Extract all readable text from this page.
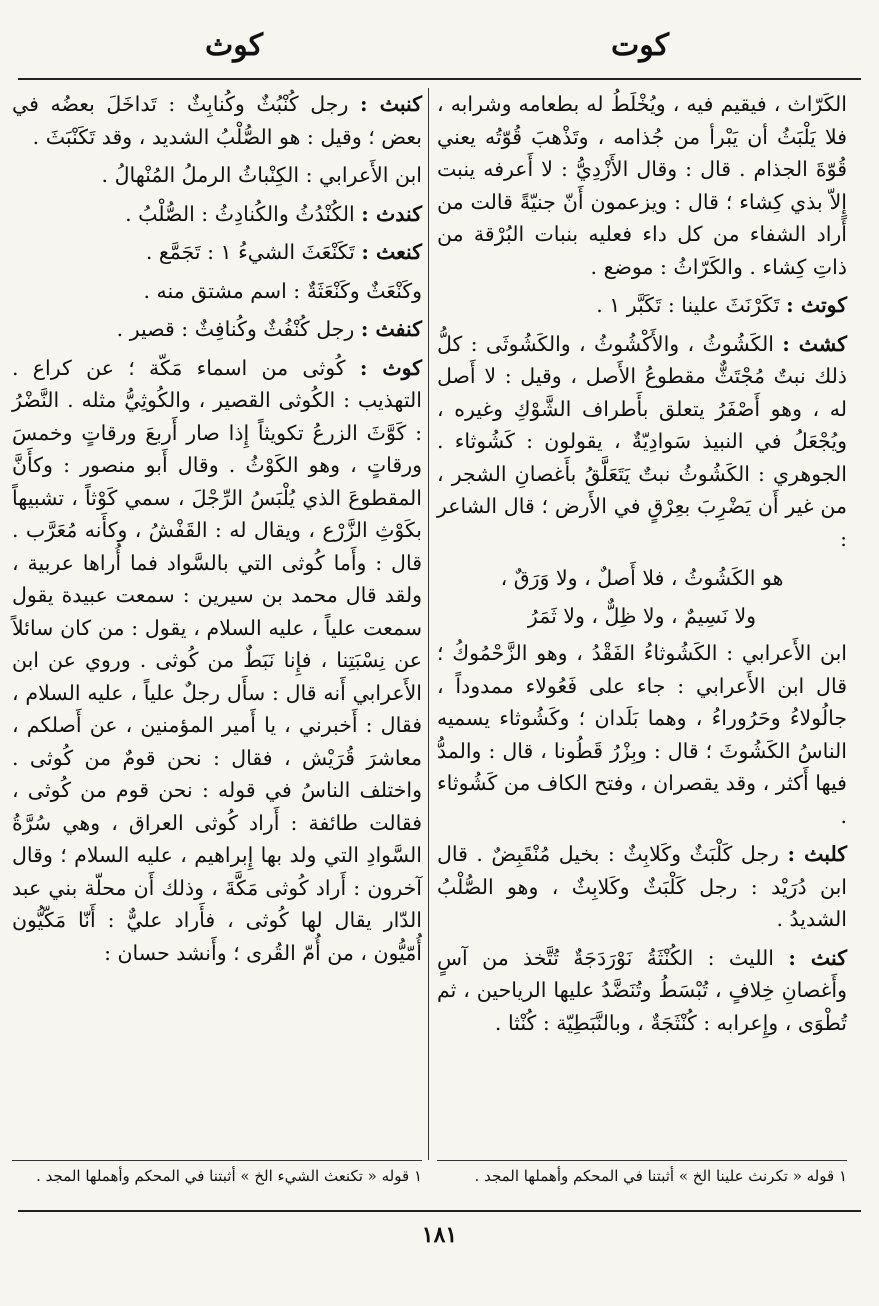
كوت
كوث
الكَرّاث ، فيقيم فيه ، ويُخْلَطُ له بطعامه وشرابه ، فلا يَلْبَثُ أن يَبْرأ من جُذامه ، وتَذْهبَ قُوّتُه يعني قُوّةَ الجذام . قال : وقال الأَزْدِيُّ : لا أَعرفه ينبت إِلاّ بذي كِشاء ؛ قال : ويزعمون أَنّ جنيّةً قالت من أَراد الشفاء من كل داء فعليه بنبات البُرْقة من ذاتِ كِشاء . والكَرّاثُ : موضع .
كوتث : تَكَرْنَثَ علينا : تَكَبَّر ١ .
كشث : الكَشُوثُ ، والأَكْشُوثُ ، والكَشُوثَى : كلُّ ذلك نبتٌ مُجْتَثٌّ مقطوعُ الأَصل ، وقيل : لا أَصل له ، وهو أَصْفَرُ يتعلق بأَطراف الشَّوْكِ وغيره ، ويُجْعَلُ في النبيذ سَوادِيّةٌ ، يقولون : كَشُوثاء . الجوهري : الكَشُوثُ نبتٌ يَتَعَلَّقُ بأَغصانِ الشجر ، من غير أَن يَضْرِبَ بعِرْقٍ في الأَرض ؛ قال الشاعر :
هو الكَشُوثُ ، فلا أَصلٌ ، ولا وَرَقٌ ،
ولا نَسِيمٌ ، ولا ظِلٌّ ، ولا ثَمَرُ
ابن الأَعرابي : الكَشُوثاءُ الفَقْدُ ، وهو الزَّحْمُوكُ ؛ قال ابن الأَعرابي : جاء على فَعُولاء ممدوداً ، جالُولاءُ وحَرُوراءُ ، وهما بَلَدان ؛ وكَشُوثاء يسميه الناسُ الكَشُوثَ ؛ قال : وبِزْرُ قَطُونا ، قال : والمدُّ فيها أَكثر ، وقد يقصران ، وفتح الكاف من كَشُوثاء .
كلبث : رجل كَلْبَثٌ وكَلابِثٌ : بخيل مُنْقَبِضٌ . قال ابن دُرَيْد : رجل كَلْبَثٌ وكَلابِثٌ ، وهو الصُّلْبُ الشديدُ .
كنث : الليث : الكُنْثَةُ نَوْرَدَجَةٌ تُتَّخذ من آسٍ وأَغصانِ خِلافٍ ، تُبْسَطُ وتُنَضَّدُ عليها الرياحين ، ثم تُطْوَى ، وإِعرابه : كُنْثَجَةٌ ، وبالنَّبَطِيّة : كُنْثا .
كنبث : رجل كُنْبُثٌ وكُنابِثٌ : تَداخَلَ بعضُه في بعض ؛ وقيل : هو الصُّلْبُ الشديد ، وقد تَكَنْبَثَ .
ابن الأَعرابي : الكِنْباثُ الرملُ المُنْهالُ .
كندث : الكُنْدُثُ والكُنادِثُ : الصُّلْبُ .
كنعث : تَكَنْعَثَ الشيءُ ١ : تَجَمَّع .
وكَنْعَثٌ وكَنْعَثَةٌ : اسم مشتق منه .
كنفث : رجل كُنْفُثٌ وكُنافِثٌ : قصير .
كوث : كُوثى من اسماء مَكّة ؛ عن كراع . التهذيب : الكُوثى القصير ، والكُوثِيُّ مثله . النَّضْرُ : كَوَّثَ الزرعُ تكويثاً إِذا صار أَربعَ ورقاتٍ وخمسَ ورقاتٍ ، وهو الكَوْثُ . وقال أَبو منصور : وكأَنَّ المقطوعَ الذي يُلْبَسُ الرِّجْلَ ، سمي كَوْثاً ، تشبيهاً بكَوْثِ الزَّرْع ، ويقال له : القَفْشُ ، وكأَنه مُعَرَّب . قال : وأَما كُوثى التي بالسَّواد فما أُراها عربية ، ولقد قال محمد بن سيرين : سمعت عبيدة يقول سمعت علياً ، عليه السلام ، يقول : من كان سائلاً عن نِسْبَتِنا ، فإِنا نَبَطٌ من كُوثى . وروي عن ابن الأَعرابي أَنه قال : سأَل رجلٌ علياً ، عليه السلام ، فقال : أَخبرني ، يا أَمير المؤمنين ، عن أَصلكم ، معاشرَ قُرَيْش ، فقال : نحن قومٌ من كُوثى . واختلف الناسُ في قوله : نحن قوم من كُوثى ، فقالت طائفة : أَراد كُوثى العراق ، وهي سُرَّةُ السَّوادِ التي ولد بها إِبراهيم ، عليه السلام ؛ وقال آخرون : أَراد كُوثى مَكَّةَ ، وذلك أَن محلّة بني عبد الدّار يقال لها كُوثى ، فأَراد عليٌّ : أَنّا مَكّيُّون أُمّيُّون ، من أُمّ القُرى ؛ وأَنشد حسان :
١ قوله « تكرنث علينا الخ » أثبتنا في المحكم وأهملها المجد .
١ قوله « تكنعث الشيء الخ » أثبتنا في المحكم وأهملها المجد .
١٨١
